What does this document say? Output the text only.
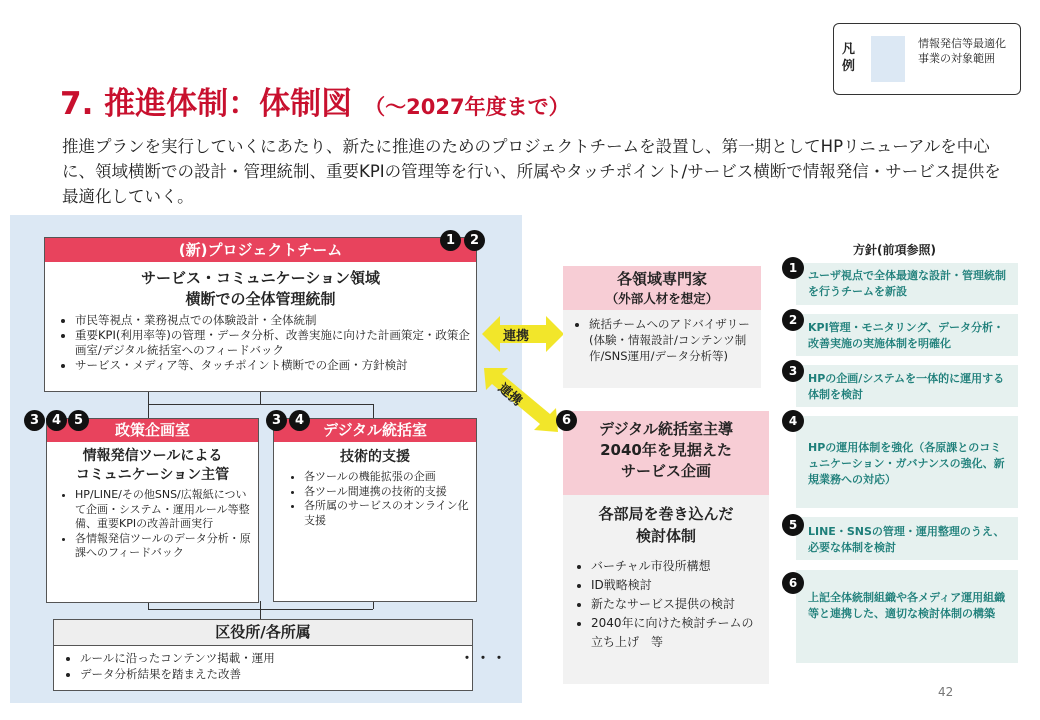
7. 推進体制：体制図 （～2027年度まで）
推進プランを実行していくにあたり、新たに推進のためのプロジェクトチームを設置し、第一期としてHPリニューアルを中心に、領域横断での設計・管理統制、重要KPIの管理等を行い、所属やタッチポイント/サービス横断で情報発信・サービス提供を最適化していく。
凡例
情報発信等最適化事業の対象範囲
(新)プロジェクトチーム
サービス・コミュニケーション領域
横断での全体管理統制
• 市民等視点・業務視点での体験設計・全体統制
• 重要KPI(利用率等)の管理・データ分析、改善実施に向けた計画策定・政策企画室/デジタル統括室へのフィードバック
• サービス・メディア等、タッチポイント横断での企画・方針検討
1	2
政策企画室
情報発信ツールによる
コミュニケーション主管
• HP/LINE/その他SNS/広報紙について企画・システム・運用ルール等整備、重要KPIの改善計画実行
• 各情報発信ツールのデータ分析・原課へのフィードバック
3 4 5
デジタル統括室
技術的支援
• 各ツールの機能拡張の企画
• 各ツール間連携の技術的支援
• 各所属のサービスのオンライン化支援
3	4
区役所/各所属
• ルールに沿ったコンテンツ掲載・運用
• データ分析結果を踏まえた改善
・・・
連携
連携
各領域専門家
（外部人材を想定）
• 統括チームへのアドバイザリー(体験・情報設計/コンテンツ制作/SNS運用/データ分析等)
デジタル統括室主導
2040年を見据えた
サービス企画
各部局を巻き込んだ
検討体制
• バーチャル市役所構想
• ID戦略検討
• 新たなサービス提供の検討
• 2040年に向けた検討チームの立ち上げ　等
6
方針(前項参照)
ユーザ視点で全体最適な設計・管理統制を行うチームを新設
1
KPI管理・モニタリング、データ分析・改善実施の実施体制を明確化
2
HPの企画/システムを一体的に運用する体制を検討
3
HPの運用体制を強化（各原課とのコミュニケーション・ガバナンスの強化、新規業務への対応）
4
LINE・SNSの管理・運用整理のうえ、必要な体制を検討
5
上記全体統制組織や各メディア運用組織等と連携した、適切な検討体制の構築
6
42
